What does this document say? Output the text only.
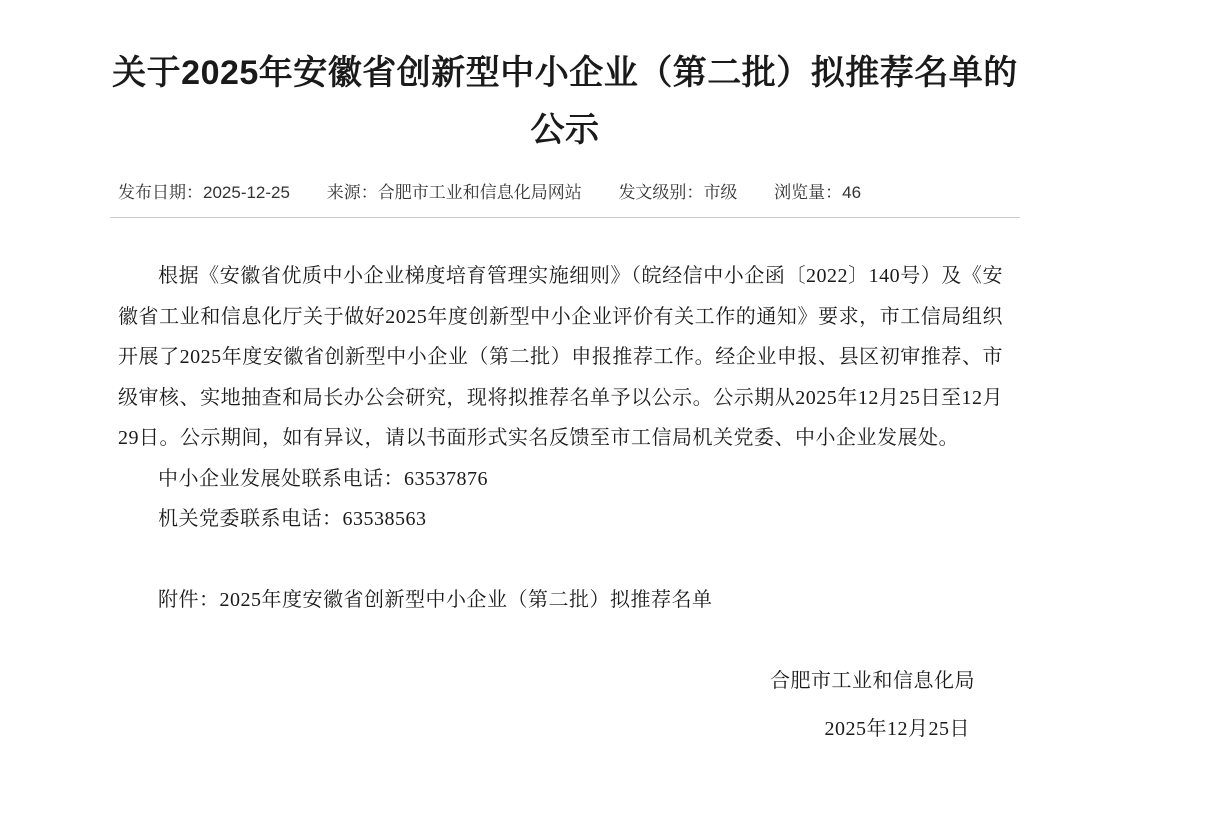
关于2025年安徽省创新型中小企业（第二批）拟推荐名单的公示
发布日期：2025-12-25 来源：合肥市工业和信息化局网站 发文级别：市级 浏览量：46

根据《安徽省优质中小企业梯度培育管理实施细则》（皖经信中小企函〔2022〕140号）及《安徽省工业和信息化厅关于做好2025年度创新型中小企业评价有关工作的通知》要求，市工信局组织开展了2025年度安徽省创新型中小企业（第二批）申报推荐工作。经企业申报、县区初审推荐、市级审核、实地抽查和局长办公会研究，现将拟推荐名单予以公示。公示期从2025年12月25日至12月29日。公示期间，如有异议，请以书面形式实名反馈至市工信局机关党委、中小企业发展处。

中小企业发展处联系电话：63537876

机关党委联系电话：63538563

附件：2025年度安徽省创新型中小企业（第二批）拟推荐名单

合肥市工业和信息化局

2025年12月25日
